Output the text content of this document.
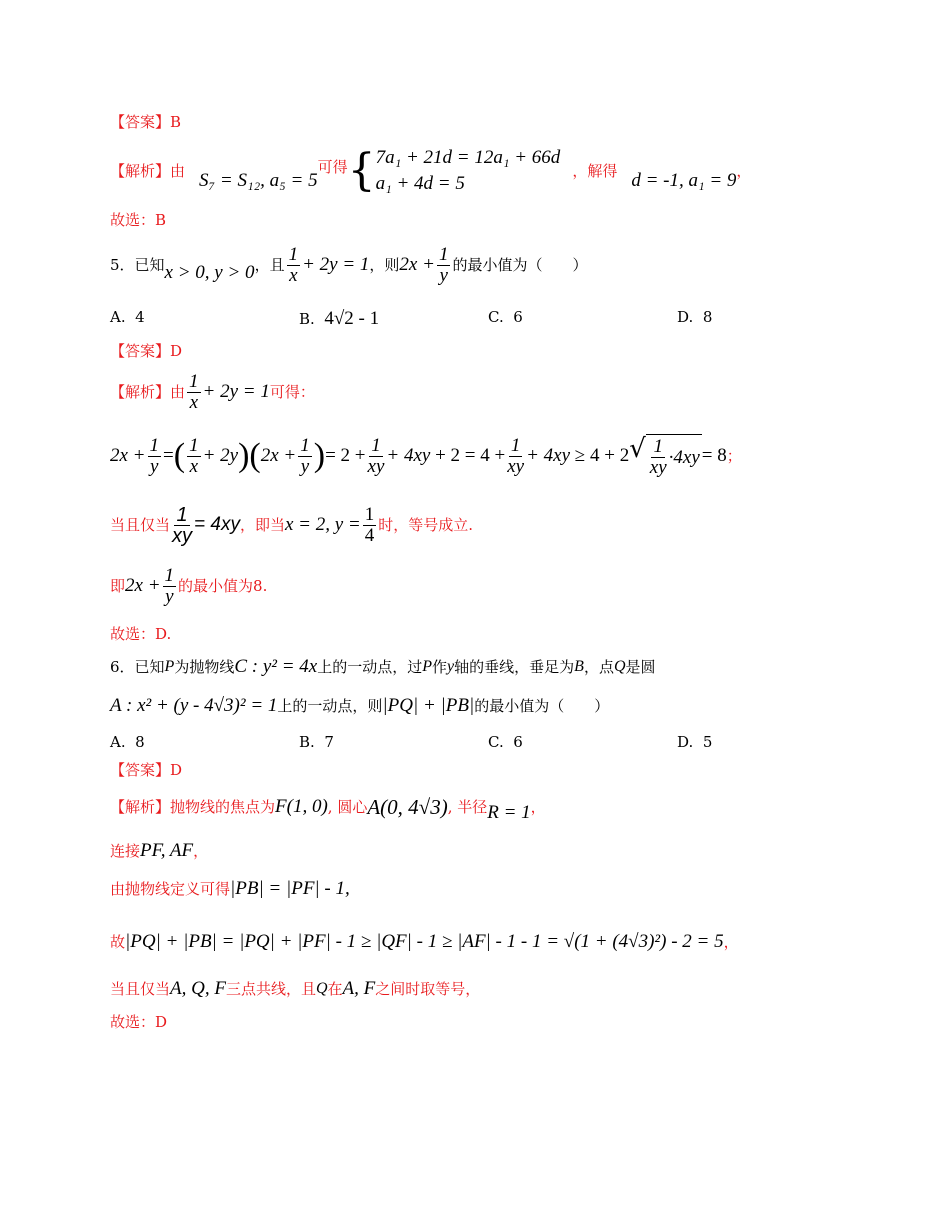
【答案】B
【解析】 由 S₇ = S₁₂, a₅ = 5
可得 { 7a₁ + 21d = 12a₁ + 66d
a₁ + 4d = 5
，解得 d = -1, a₁ = 9 ，
故选：B
5．已知 x > 0, y > 0 ，且 $\frac{1}{x} + 2y = 1$ ，则 $2x + \frac{1}{y}$ 的最小值为（　　）
A. 4	B. 4√2 - 1	C. 6	D. 8
【答案】D
【解析】 由 $\frac{1}{x} + 2y = 1$ 可得：
$2x + \frac{1}{y}$ = ( $\frac{1}{x} + 2y$ )( $2x + \frac{1}{y}$ ) = $2 + \frac{1}{xy} + 4xy + 2 = 4 + \frac{1}{xy} + 4xy \ge 4 + 2$ √ $\frac{1}{xy} \cdot 4xy = 8$ ；
当且仅当 $\frac{1}{xy} = 4xy$ ，即当 x = 2, $y = \frac{1}{4}$ 时，等号成立.
即 $2x + \frac{1}{y}$ 的最小值为8.
故选：D.
6．已知 P 为抛物线 C : y² = 4x 上的一动点，过 P 作 y 轴的垂线，垂足为 B ，点 Q 是圆
A : x² + (y - 4√3)² = 1 上的一动点，则 |PQ| + |PB| 的最小值为（　　）
A. 8	B. 7	C. 6	D. 5
【答案】D
【解析】 抛物线的焦点为 F(1, 0) , 圆心 A(0, 4√3) , 半径 R = 1 ，
连接 PF, AF ，
由抛物线定义可得 |PB| = |PF| - 1,
故 |PQ| + |PB| = |PQ| + |PF| - 1 ≥ |QF| - 1 ≥ |AF| - 1 - 1 = √(1 + (4√3)²) - 2 = 5 ，
当且仅当 A, Q, F 三点共线，且 Q 在 A, F 之间时取等号，
故选：D
